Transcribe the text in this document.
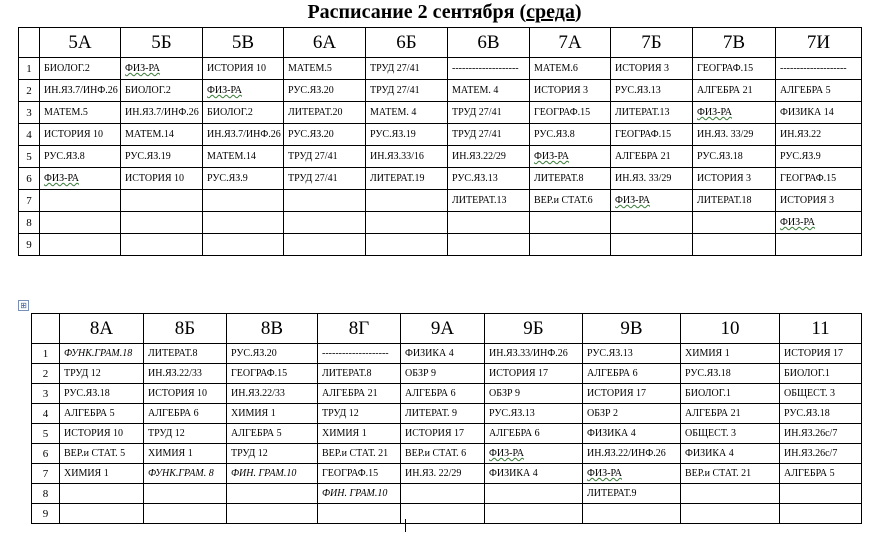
Расписание 2 сентября (среда)
	5А	5Б	5В	6А	6Б	6В	7А	7Б	7В	7И
1	БИОЛОГ.2	ФИЗ-РА	ИСТОРИЯ 10	МАТЕМ.5	ТРУД 27/41	--------------------	МАТЕМ.6	ИСТОРИЯ 3	ГЕОГРАФ.15	--------------------
2	ИН.ЯЗ.7/ИНФ.26	БИОЛОГ.2	ФИЗ-РА	РУС.ЯЗ.20	ТРУД 27/41	МАТЕМ. 4	ИСТОРИЯ 3	РУС.ЯЗ.13	АЛГЕБРА 21	АЛГЕБРА 5
3	МАТЕМ.5	ИН.ЯЗ.7/ИНФ.26	БИОЛОГ.2	ЛИТЕРАТ.20	МАТЕМ. 4	ТРУД 27/41	ГЕОГРАФ.15	ЛИТЕРАТ.13	ФИЗ-РА	ФИЗИКА 14
4	ИСТОРИЯ 10	МАТЕМ.14	ИН.ЯЗ.7/ИНФ.26	РУС.ЯЗ.20	РУС.ЯЗ.19	ТРУД 27/41	РУС.ЯЗ.8	ГЕОГРАФ.15	ИН.ЯЗ. 33/29	ИН.ЯЗ.22
5	РУС.ЯЗ.8	РУС.ЯЗ.19	МАТЕМ.14	ТРУД 27/41	ИН.ЯЗ.33/16	ИН.ЯЗ.22/29	ФИЗ-РА	АЛГЕБРА 21	РУС.ЯЗ.18	РУС.ЯЗ.9
6	ФИЗ-РА	ИСТОРИЯ 10	РУС.ЯЗ.9	ТРУД 27/41	ЛИТЕРАТ.19	РУС.ЯЗ.13	ЛИТЕРАТ.8	ИН.ЯЗ. 33/29	ИСТОРИЯ 3	ГЕОГРАФ.15
7						ЛИТЕРАТ.13	ВЕР.и СТАТ.6	ФИЗ-РА	ЛИТЕРАТ.18	ИСТОРИЯ 3
8										ФИЗ-РА
9										
⊞
	8А	8Б	8В	8Г	9А	9Б	9В	10	11
1	ФУНК.ГРАМ.18	ЛИТЕРАТ.8	РУС.ЯЗ.20	--------------------	ФИЗИКА 4	ИН.ЯЗ.33/ИНФ.26	РУС.ЯЗ.13	ХИМИЯ 1	ИСТОРИЯ 17
2	ТРУД 12	ИН.ЯЗ.22/33	ГЕОГРАФ.15	ЛИТЕРАТ.8	ОБЗР 9	ИСТОРИЯ 17	АЛГЕБРА 6	РУС.ЯЗ.18	БИОЛОГ.1
3	РУС.ЯЗ.18	ИСТОРИЯ 10	ИН.ЯЗ.22/33	АЛГЕБРА 21	АЛГЕБРА 6	ОБЗР 9	ИСТОРИЯ 17	БИОЛОГ.1	ОБЩЕСТ. 3
4	АЛГЕБРА 5	АЛГЕБРА 6	ХИМИЯ 1	ТРУД 12	ЛИТЕРАТ. 9	РУС.ЯЗ.13	ОБЗР 2	АЛГЕБРА 21	РУС.ЯЗ.18
5	ИСТОРИЯ 10	ТРУД 12	АЛГЕБРА 5	ХИМИЯ 1	ИСТОРИЯ 17	АЛГЕБРА 6	ФИЗИКА 4	ОБЩЕСТ. 3	ИН.ЯЗ.26с/7
6	ВЕР.и СТАТ. 5	ХИМИЯ 1	ТРУД 12	ВЕР.и СТАТ. 21	ВЕР.и СТАТ. 6	ФИЗ-РА	ИН.ЯЗ.22/ИНФ.26	ФИЗИКА 4	ИН.ЯЗ.26с/7
7	ХИМИЯ 1	ФУНК.ГРАМ. 8	ФИН. ГРАМ.10	ГЕОГРАФ.15	ИН.ЯЗ. 22/29	ФИЗИКА 4	ФИЗ-РА	ВЕР.и СТАТ. 21	АЛГЕБРА 5
8				ФИН. ГРАМ.10			ЛИТЕРАТ.9		
9									
